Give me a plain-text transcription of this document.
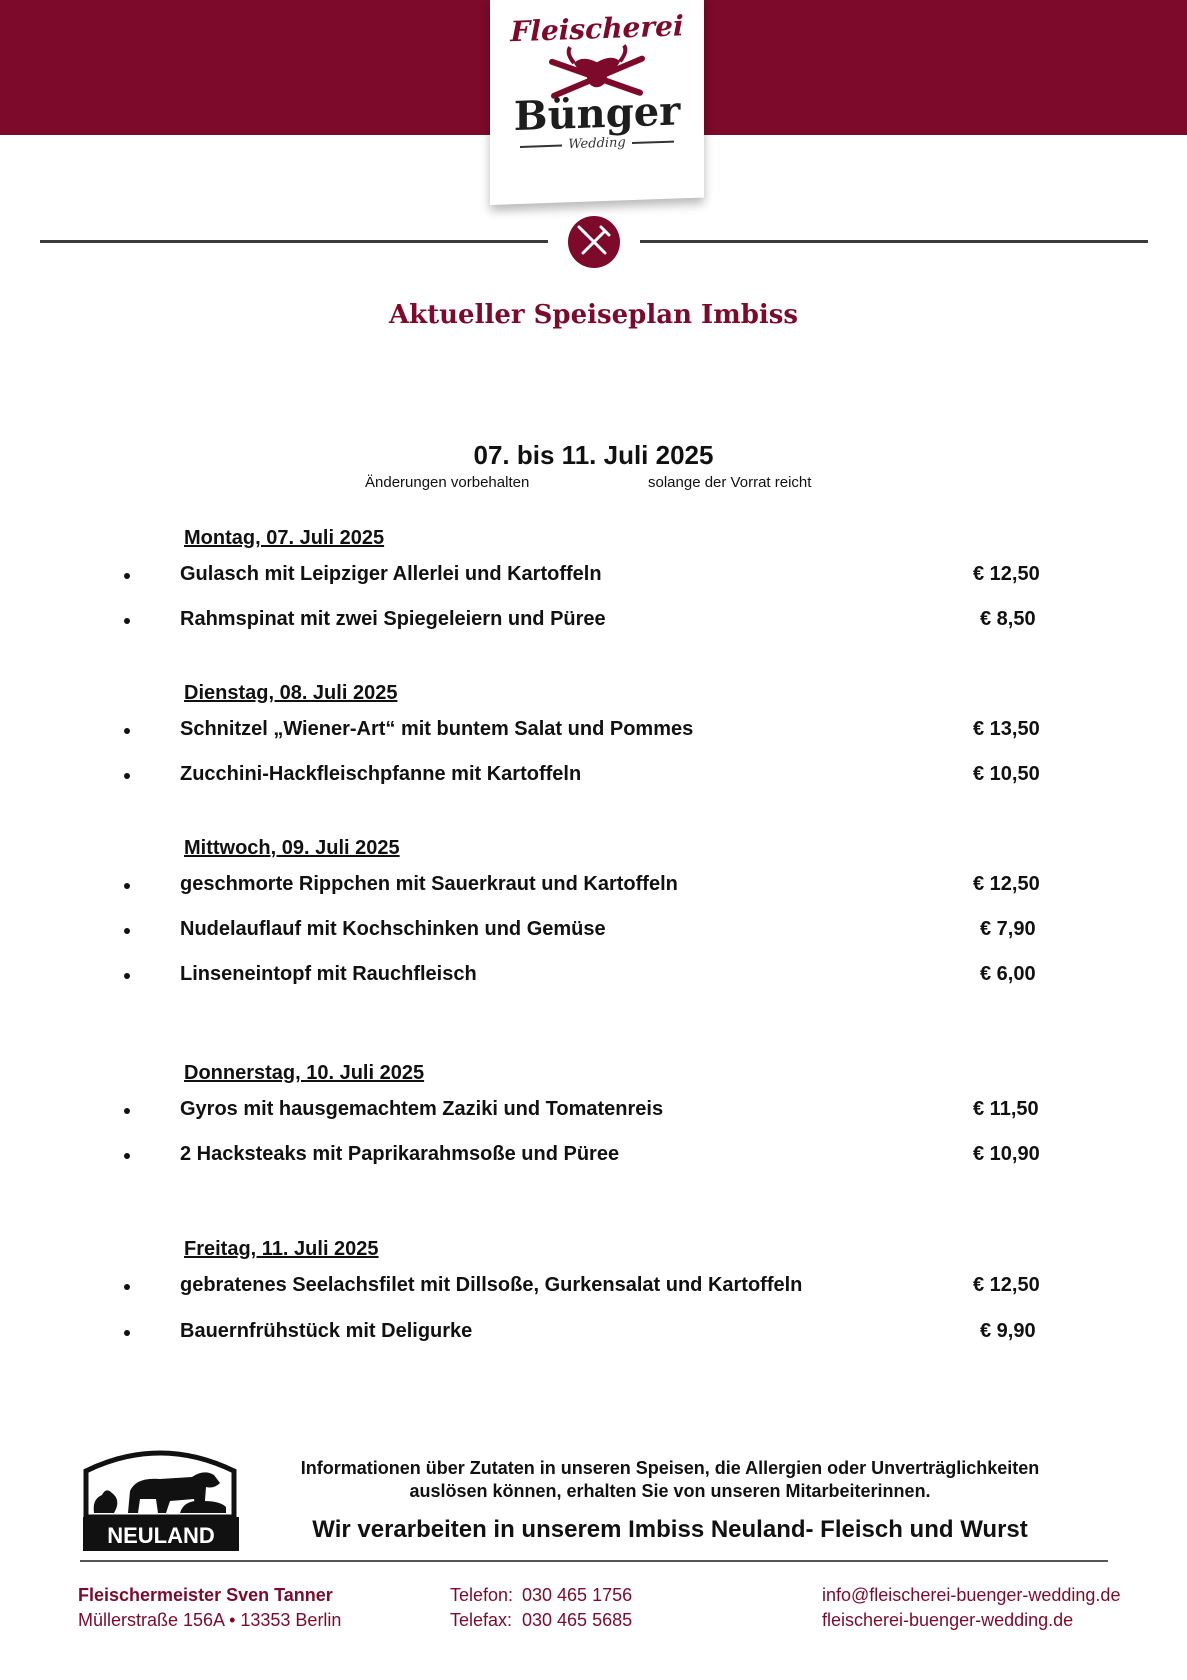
Fleischerei
Bünger
Wedding
Aktueller Speiseplan Imbiss
07. bis 11. Juli 2025
Änderungen vorbehalten	solange der Vorrat reicht
Montag, 07. Juli 2025
Gulasch mit Leipziger Allerlei und Kartoffeln	€ 12,50
Rahmspinat mit zwei Spiegeleiern und Püree	€ 8,50
Dienstag, 08. Juli 2025
Schnitzel „Wiener-Art“ mit buntem Salat und Pommes	€ 13,50
Zucchini-Hackfleischpfanne mit Kartoffeln	€ 10,50
Mittwoch, 09. Juli 2025
geschmorte Rippchen mit Sauerkraut und Kartoffeln	€ 12,50
Nudelauflauf mit Kochschinken und Gemüse	€ 7,90
Linseneintopf mit Rauchfleisch	€ 6,00
Donnerstag, 10. Juli 2025
Gyros mit hausgemachtem Zaziki und Tomatenreis	€ 11,50
2 Hacksteaks mit Paprikarahmsoße und Püree	€ 10,90
Freitag, 11. Juli 2025
gebratenes Seelachsfilet mit Dillsoße, Gurkensalat und Kartoffeln	€ 12,50
Bauernfrühstück mit Deligurke	€ 9,90
NEULAND
Informationen über Zutaten in unseren Speisen, die Allergien oder Unverträglichkeiten
auslösen können, erhalten Sie von unseren Mitarbeiterinnen.
Wir verarbeiten in unserem Imbiss Neuland- Fleisch und Wurst
Fleischermeister Sven Tanner
Müllerstraße 156A • 13353 Berlin
Telefon: 030 465 1756
Telefax: 030 465 5685
info@fleischerei-buenger-wedding.de
fleischerei-buenger-wedding.de
